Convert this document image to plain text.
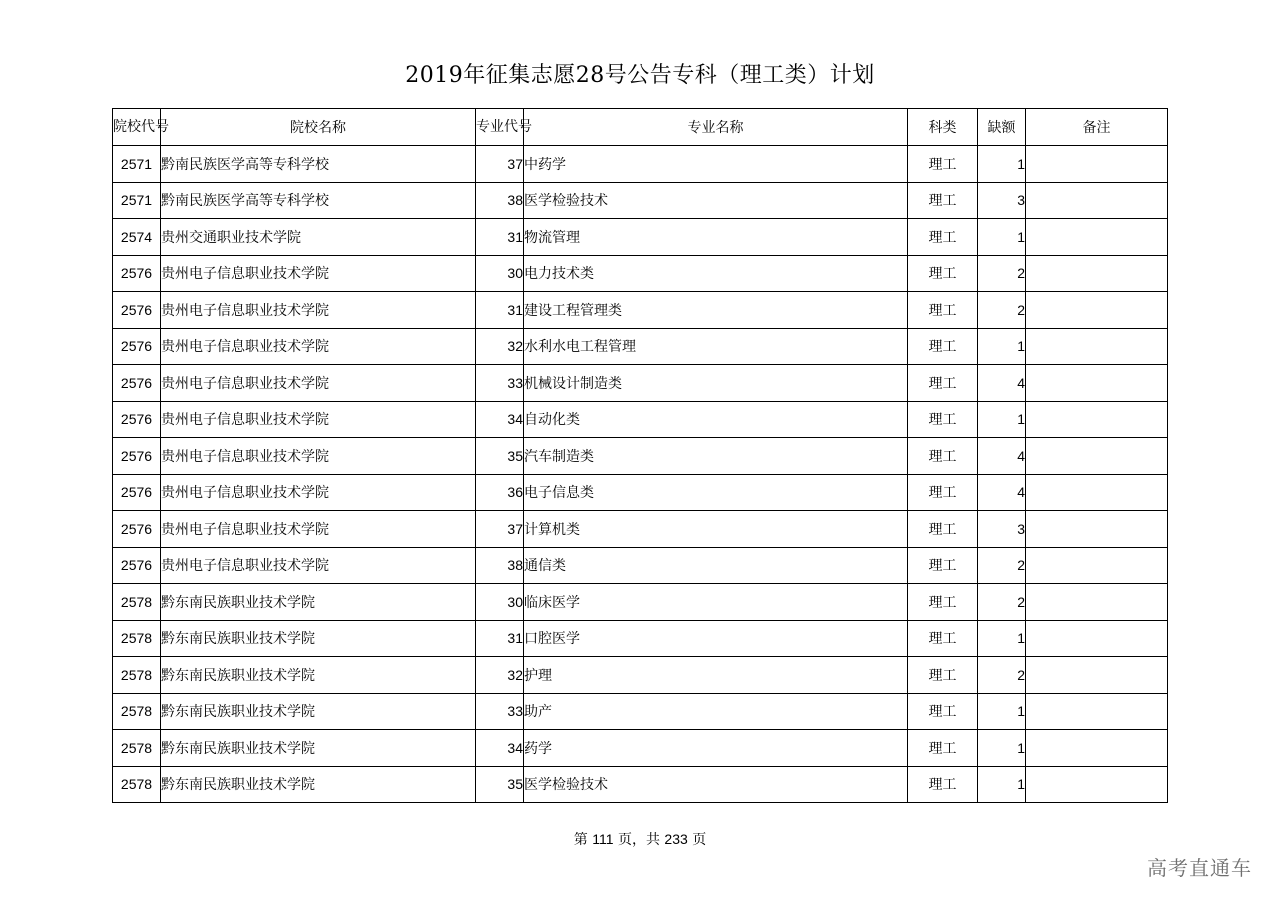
2019年征集志愿28号公告专科（理工类）计划
院校代号	院校名称	专业代号	专业名称	科类	缺额	备注
2571	黔南民族医学高等专科学校	37	中药学	理工	1	
2571	黔南民族医学高等专科学校	38	医学检验技术	理工	3	
2574	贵州交通职业技术学院	31	物流管理	理工	1	
2576	贵州电子信息职业技术学院	30	电力技术类	理工	2	
2576	贵州电子信息职业技术学院	31	建设工程管理类	理工	2	
2576	贵州电子信息职业技术学院	32	水利水电工程管理	理工	1	
2576	贵州电子信息职业技术学院	33	机械设计制造类	理工	4	
2576	贵州电子信息职业技术学院	34	自动化类	理工	1	
2576	贵州电子信息职业技术学院	35	汽车制造类	理工	4	
2576	贵州电子信息职业技术学院	36	电子信息类	理工	4	
2576	贵州电子信息职业技术学院	37	计算机类	理工	3	
2576	贵州电子信息职业技术学院	38	通信类	理工	2	
2578	黔东南民族职业技术学院	30	临床医学	理工	2	
2578	黔东南民族职业技术学院	31	口腔医学	理工	1	
2578	黔东南民族职业技术学院	32	护理	理工	2	
2578	黔东南民族职业技术学院	33	助产	理工	1	
2578	黔东南民族职业技术学院	34	药学	理工	1	
2578	黔东南民族职业技术学院	35	医学检验技术	理工	1	
第 111 页，共 233 页
高考直通车
